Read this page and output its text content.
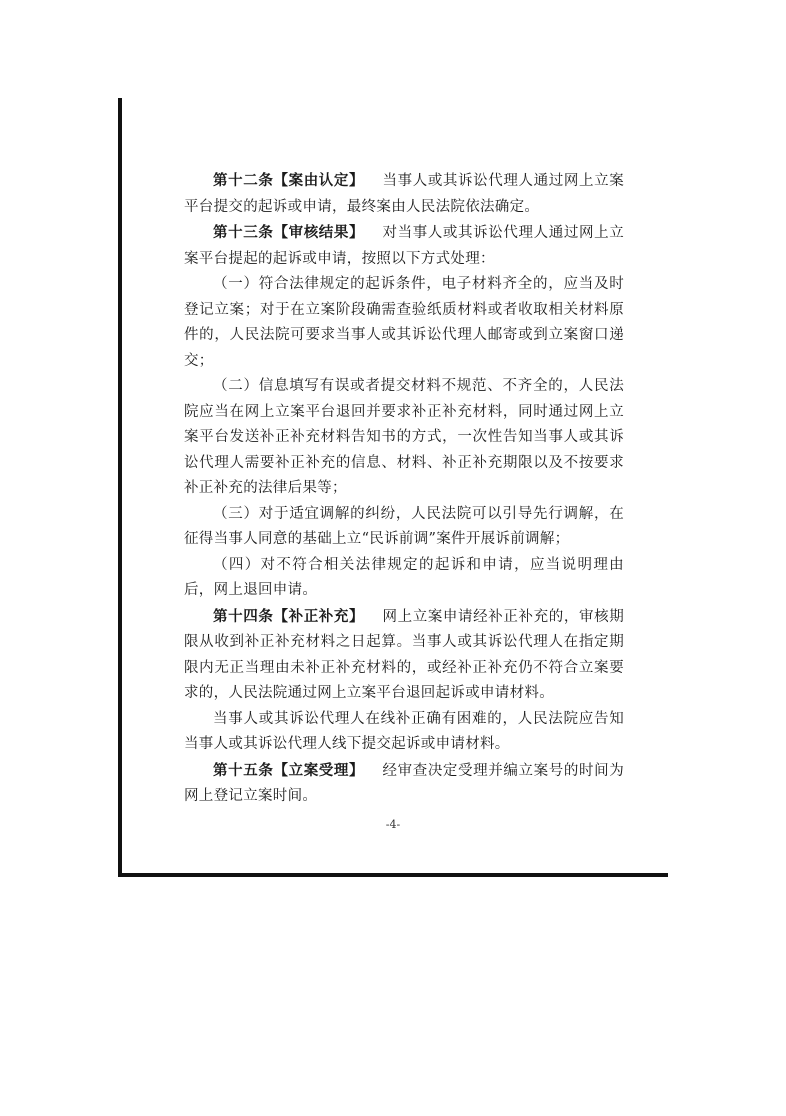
第十二条【案由认定】 当事人或其诉讼代理人通过网上立案平台提交的起诉或申请，最终案由人民法院依法确定。

第十三条【审核结果】 对当事人或其诉讼代理人通过网上立案平台提起的起诉或申请，按照以下方式处理：

（一）符合法律规定的起诉条件，电子材料齐全的，应当及时登记立案；对于在立案阶段确需查验纸质材料或者收取相关材料原件的，人民法院可要求当事人或其诉讼代理人邮寄或到立案窗口递交；

（二）信息填写有误或者提交材料不规范、不齐全的，人民法院应当在网上立案平台退回并要求补正补充材料，同时通过网上立案平台发送补正补充材料告知书的方式，一次性告知当事人或其诉讼代理人需要补正补充的信息、材料、补正补充期限以及不按要求补正补充的法律后果等；

（三）对于适宜调解的纠纷，人民法院可以引导先行调解，在征得当事人同意的基础上立“民诉前调”案件开展诉前调解；

（四）对不符合相关法律规定的起诉和申请，应当说明理由后，网上退回申请。

第十四条【补正补充】 网上立案申请经补正补充的，审核期限从收到补正补充材料之日起算。当事人或其诉讼代理人在指定期限内无正当理由未补正补充材料的，或经补正补充仍不符合立案要求的，人民法院通过网上立案平台退回起诉或申请材料。

当事人或其诉讼代理人在线补正确有困难的，人民法院应告知当事人或其诉讼代理人线下提交起诉或申请材料。

第十五条【立案受理】 经审查决定受理并编立案号的时间为网上登记立案时间。

-4-
